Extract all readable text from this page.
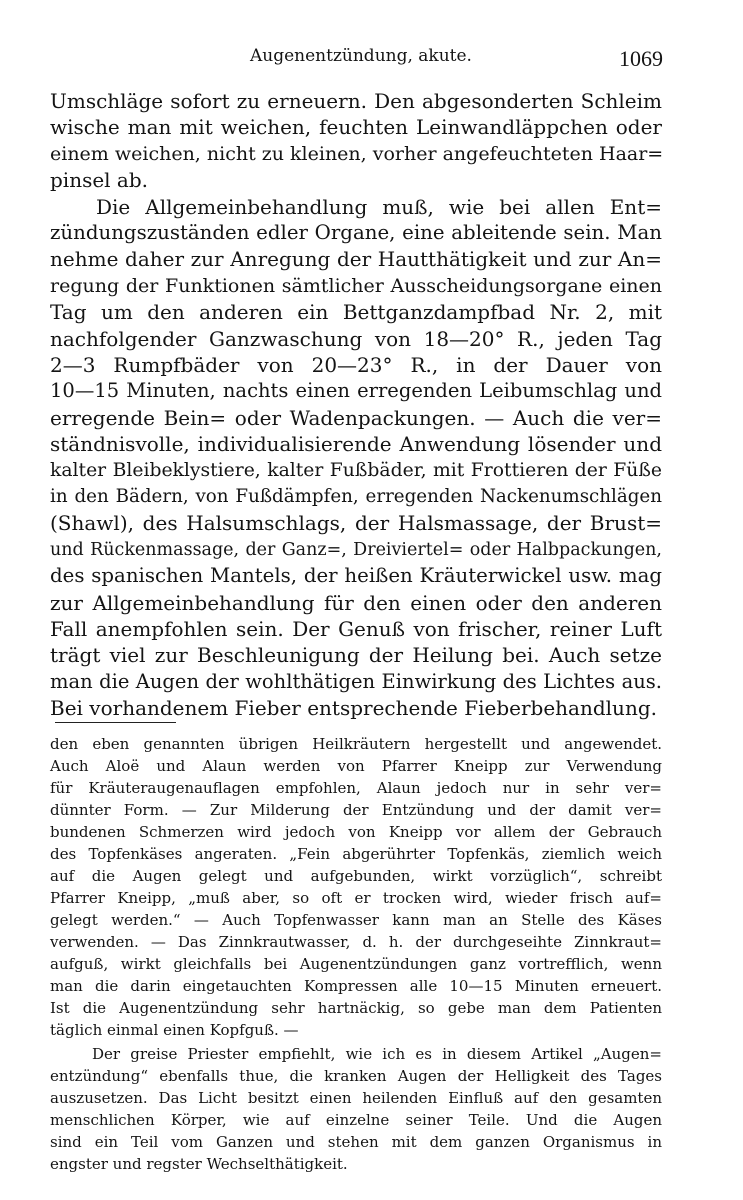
Augenentzündung, akute.	1069
Umschläge sofort zu erneuern. Den abgesonderten Schleim
wische man mit weichen, feuchten Leinwandläppchen oder
einem weichen, nicht zu kleinen, vorher angefeuchteten Haar=
pinsel ab.
Die Allgemeinbehandlung muß, wie bei allen Ent=
zündungszuständen edler Organe, eine ableitende sein. Man
nehme daher zur Anregung der Hautthätigkeit und zur An=
regung der Funktionen sämtlicher Ausscheidungsorgane einen
Tag um den anderen ein Bettganzdampfbad Nr. 2, mit
nachfolgender Ganzwaschung von 18—20° R., jeden Tag
2—3 Rumpfbäder von 20—23° R., in der Dauer von
10—15 Minuten, nachts einen erregenden Leibumschlag und
erregende Bein= oder Wadenpackungen. — Auch die ver=
ständnisvolle, individualisierende Anwendung lösender und
kalter Bleibeklystiere, kalter Fußbäder, mit Frottieren der Füße
in den Bädern, von Fußdämpfen, erregenden Nackenumschlägen
(Shawl), des Halsumschlags, der Halsmassage, der Brust=
und Rückenmassage, der Ganz=, Dreiviertel= oder Halbpackungen,
des spanischen Mantels, der heißen Kräuterwickel usw. mag
zur Allgemeinbehandlung für den einen oder den anderen
Fall anempfohlen sein. Der Genuß von frischer, reiner Luft
trägt viel zur Beschleunigung der Heilung bei. Auch setze
man die Augen der wohlthätigen Einwirkung des Lichtes aus.
Bei vorhandenem Fieber entsprechende Fieberbehandlung.
den eben genannten übrigen Heilkräutern hergestellt und angewendet.
Auch Aloë und Alaun werden von Pfarrer Kneipp zur Verwendung
für Kräuteraugenauflagen empfohlen, Alaun jedoch nur in sehr ver=
dünnter Form. — Zur Milderung der Entzündung und der damit ver=
bundenen Schmerzen wird jedoch von Kneipp vor allem der Gebrauch
des Topfenkäses angeraten. „Fein abgerührter Topfenkäs, ziemlich weich
auf die Augen gelegt und aufgebunden, wirkt vorzüglich“, schreibt
Pfarrer Kneipp, „muß aber, so oft er trocken wird, wieder frisch auf=
gelegt werden.“ — Auch Topfenwasser kann man an Stelle des Käses
verwenden. — Das Zinnkrautwasser, d. h. der durchgeseihte Zinnkraut=
aufguß, wirkt gleichfalls bei Augenentzündungen ganz vortrefflich, wenn
man die darin eingetauchten Kompressen alle 10—15 Minuten erneuert.
Ist die Augenentzündung sehr hartnäckig, so gebe man dem Patienten
täglich einmal einen Kopfguß. —
Der greise Priester empfiehlt, wie ich es in diesem Artikel „Augen=
entzündung“ ebenfalls thue, die kranken Augen der Helligkeit des Tages
auszusetzen. Das Licht besitzt einen heilenden Einfluß auf den gesamten
menschlichen Körper, wie auf einzelne seiner Teile. Und die Augen
sind ein Teil vom Ganzen und stehen mit dem ganzen Organismus in
engster und regster Wechselthätigkeit.
